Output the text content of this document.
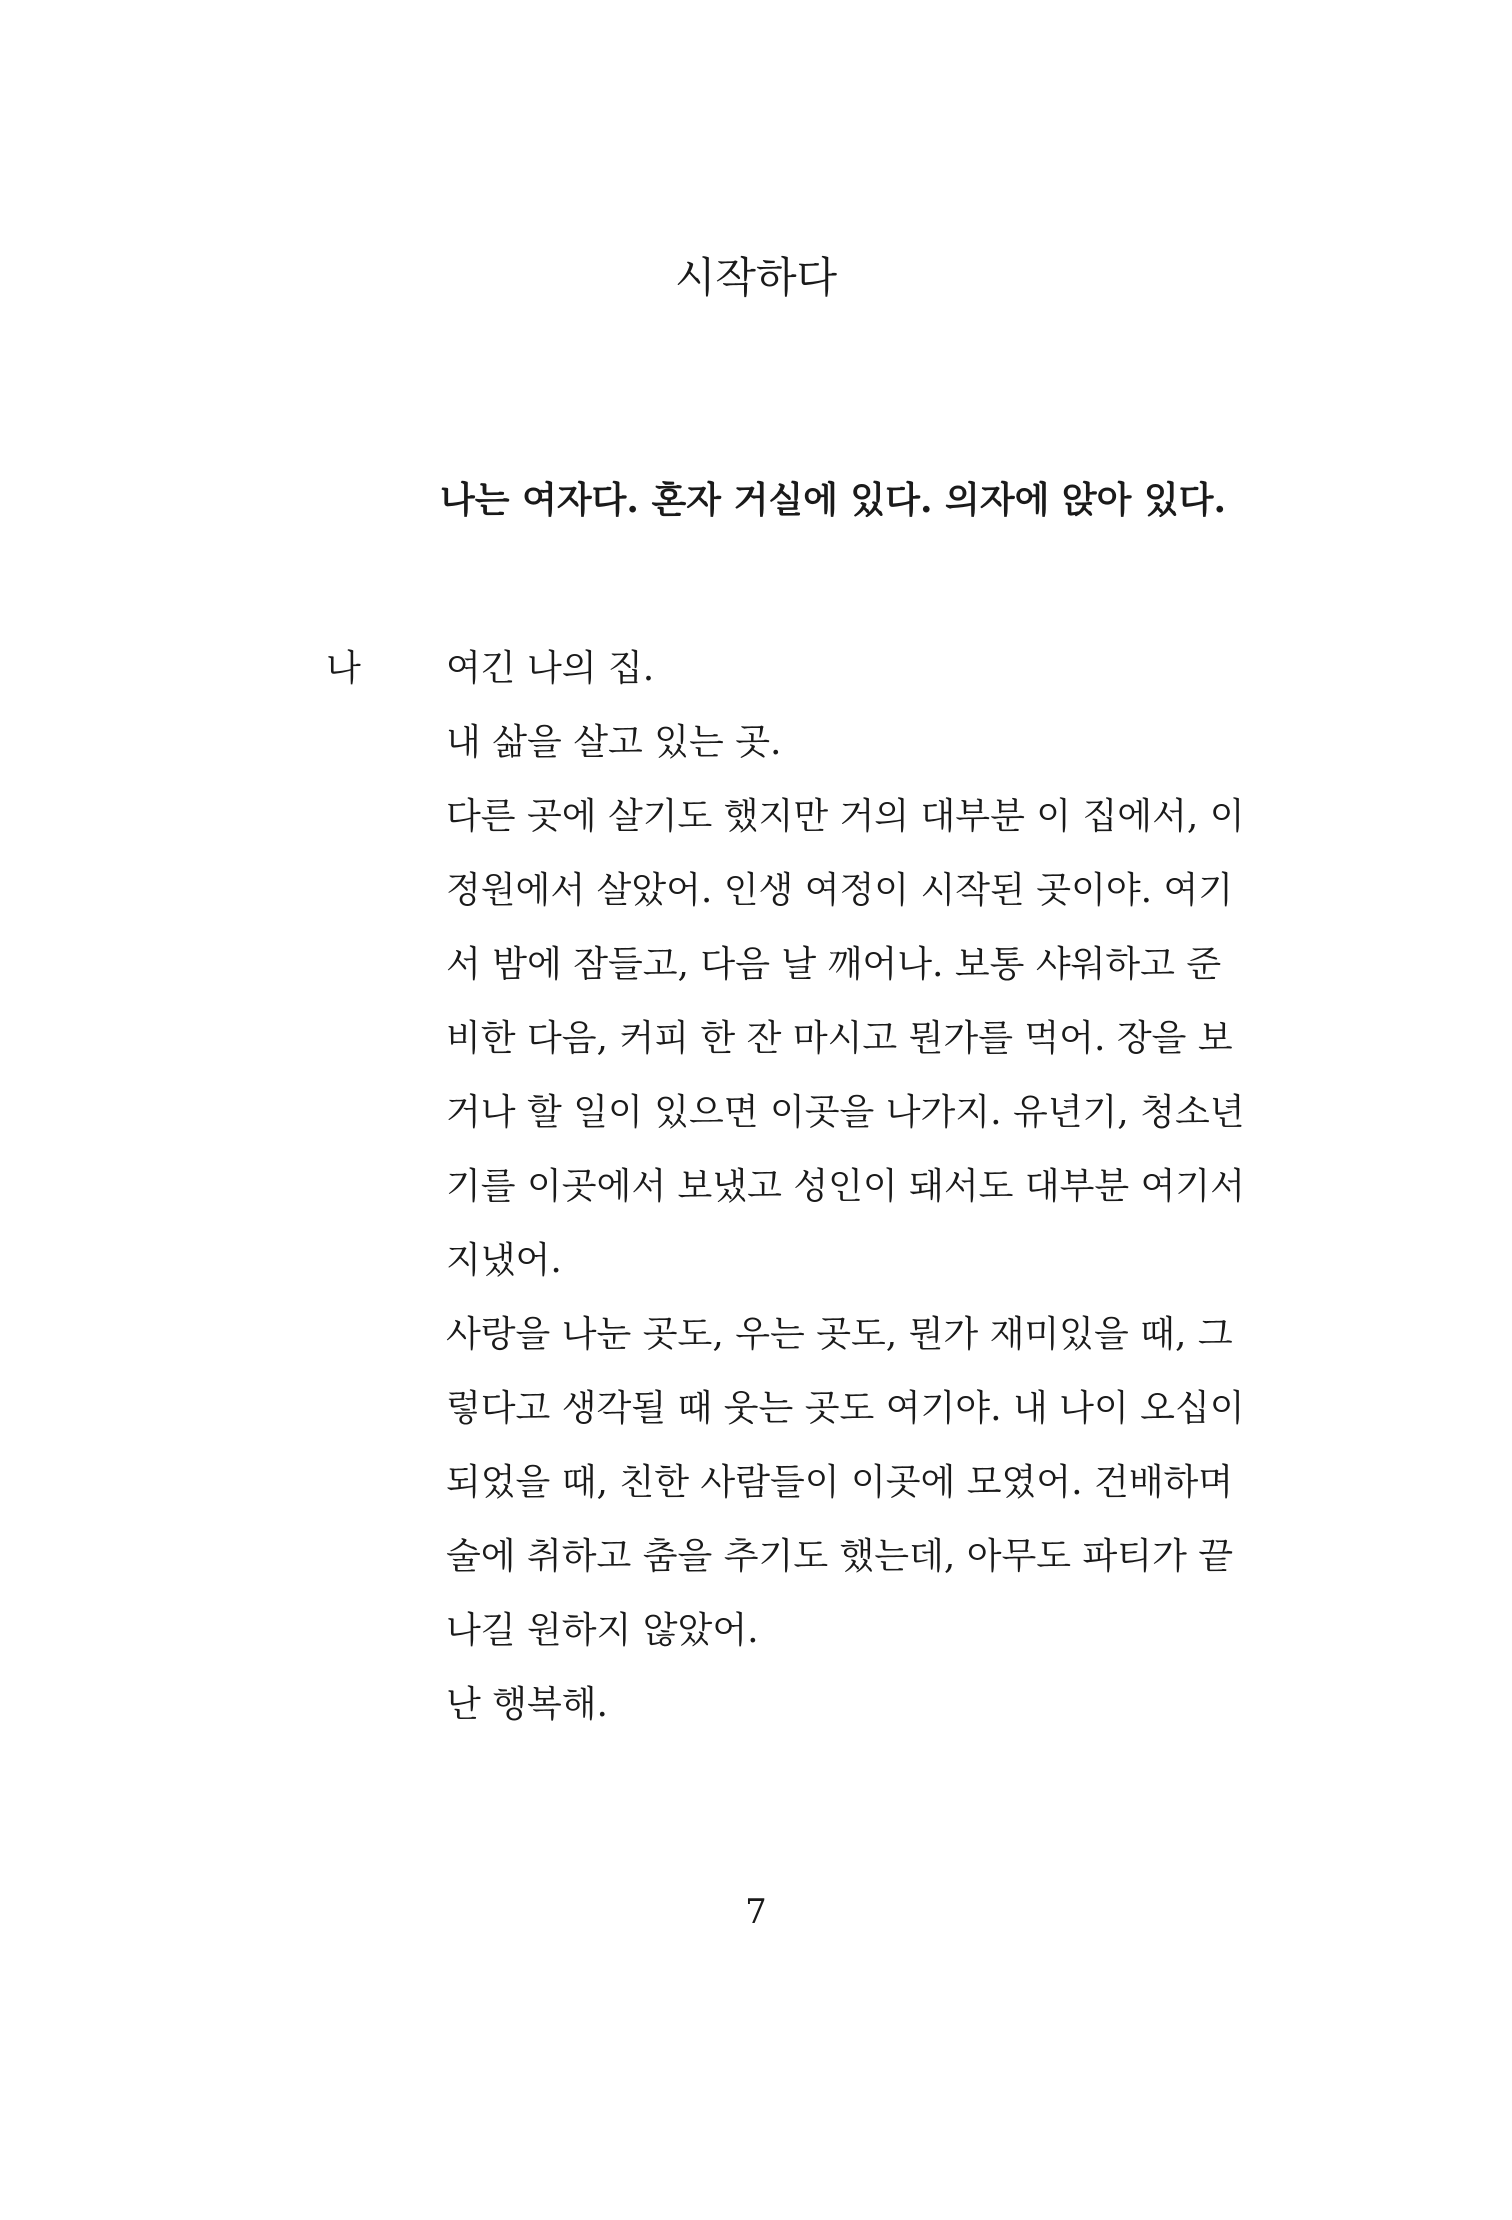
시작하다

나는 여자다. 혼자 거실에 있다. 의자에 앉아 있다.

나 여긴 나의 집.
내 삶을 살고 있는 곳.
다른 곳에 살기도 했지만 거의 대부분 이 집에서, 이
정원에서 살았어. 인생 여정이 시작된 곳이야. 여기
서 밤에 잠들고, 다음 날 깨어나. 보통 샤워하고 준
비한 다음, 커피 한 잔 마시고 뭔가를 먹어. 장을 보
거나 할 일이 있으면 이곳을 나가지. 유년기, 청소년
기를 이곳에서 보냈고 성인이 돼서도 대부분 여기서
지냈어.
사랑을 나눈 곳도, 우는 곳도, 뭔가 재미있을 때, 그
렇다고 생각될 때 웃는 곳도 여기야. 내 나이 오십이
되었을 때, 친한 사람들이 이곳에 모였어. 건배하며
술에 취하고 춤을 추기도 했는데, 아무도 파티가 끝
나길 원하지 않았어.
난 행복해.

7
